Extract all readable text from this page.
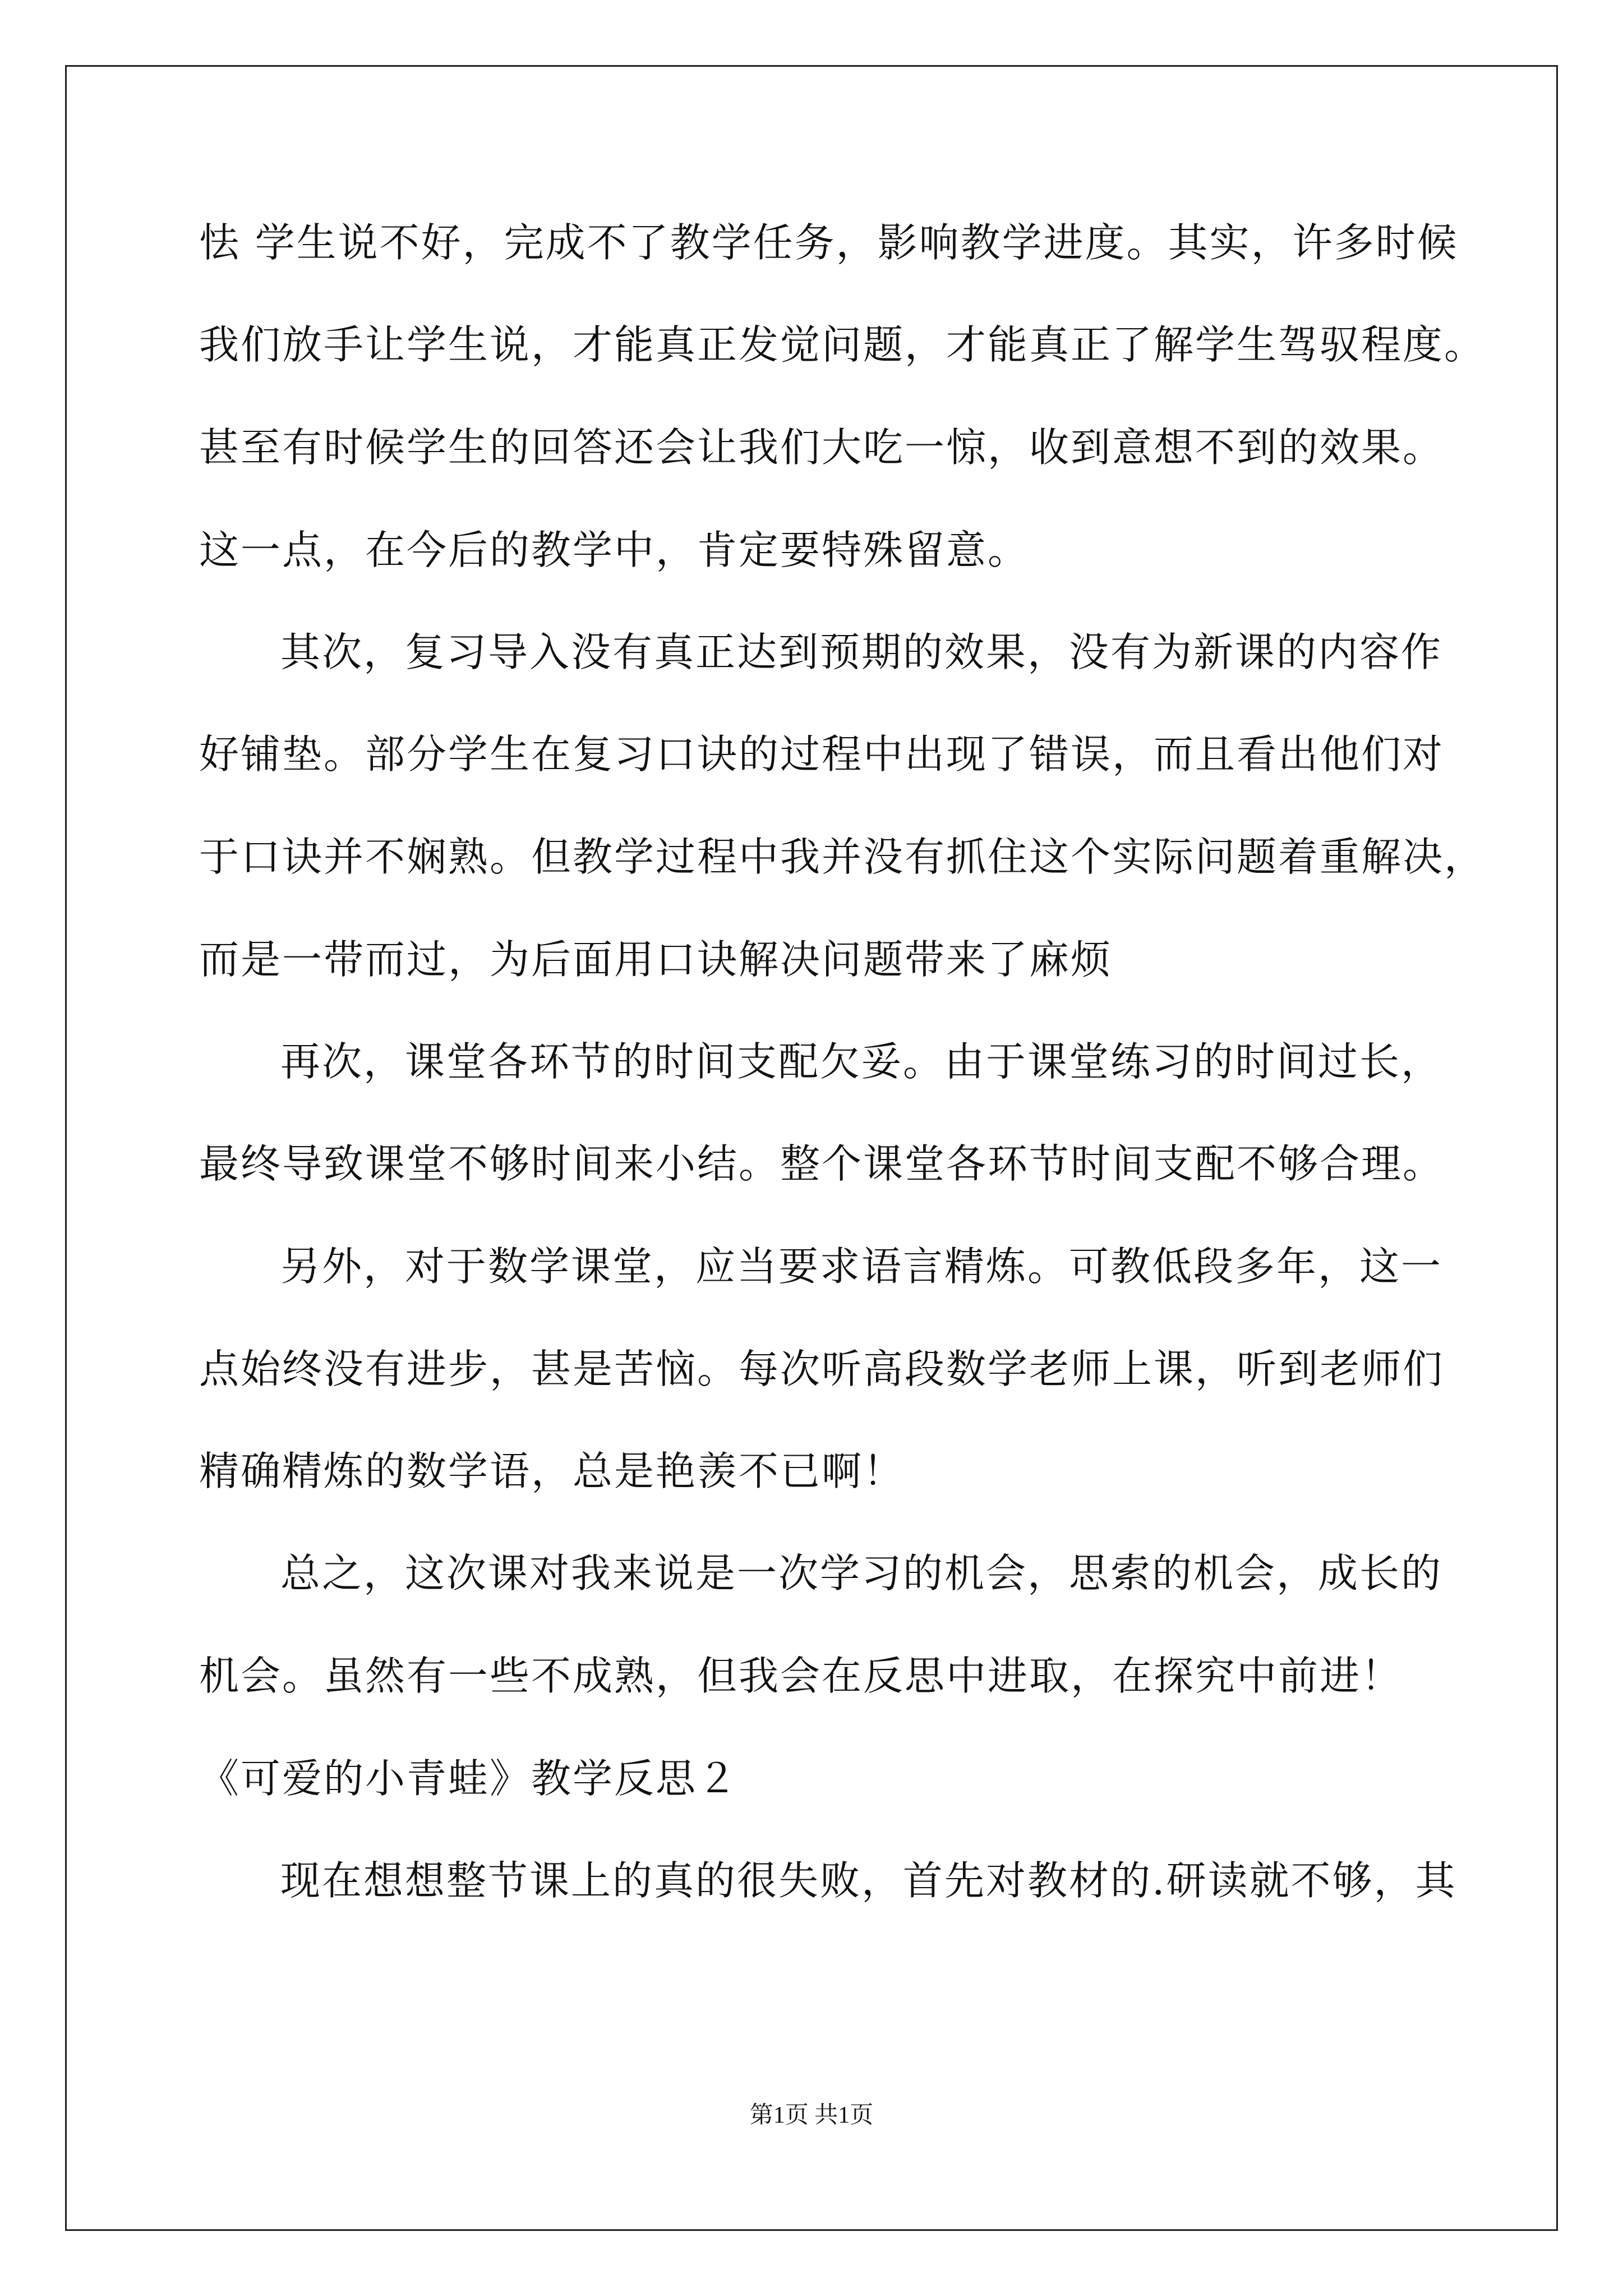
怯 学生说不好，完成不了教学任务，影响教学进度。其实，许多时候
我们放手让学生说，才能真正发觉问题，才能真正了解学生驾驭程度。
甚至有时候学生的回答还会让我们大吃一惊，收到意想不到的效果。
这一点，在今后的教学中，肯定要特殊留意。
其次，复习导入没有真正达到预期的效果，没有为新课的内容作
好铺垫。部分学生在复习口诀的过程中出现了错误，而且看出他们对
于口诀并不娴熟。但教学过程中我并没有抓住这个实际问题着重解决，
而是一带而过，为后面用口诀解决问题带来了麻烦
再次，课堂各环节的时间支配欠妥。由于课堂练习的时间过长，
最终导致课堂不够时间来小结。整个课堂各环节时间支配不够合理。
另外，对于数学课堂，应当要求语言精炼。可教低段多年，这一
点始终没有进步，甚是苦恼。每次听高段数学老师上课，听到老师们
精确精炼的数学语，总是艳羡不已啊！
总之，这次课对我来说是一次学习的机会，思索的机会，成长的
机会。虽然有一些不成熟，但我会在反思中进取，在探究中前进！
《可爱的小青蛙》教学反思２
现在想想整节课上的真的很失败，首先对教材的.研读就不够，其
第1页 共1页
